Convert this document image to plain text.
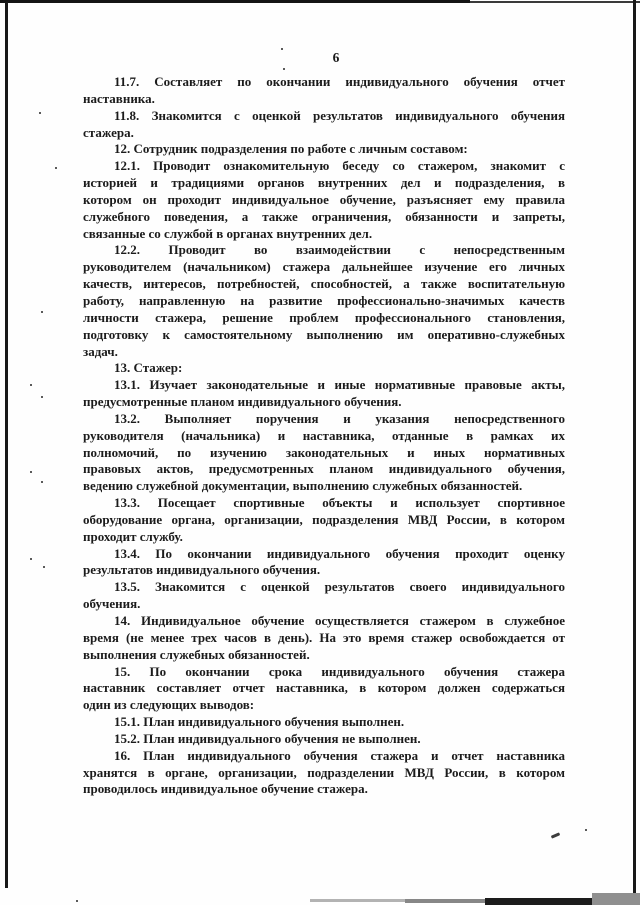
6
11.7. Составляет по окончании индивидуального обучения отчет
наставника.
11.8. Знакомится с оценкой результатов индивидуального обучения
стажера.
12. Сотрудник подразделения по работе с личным составом:
12.1. Проводит ознакомительную беседу со стажером, знакомит с
историей и традициями органов внутренних дел и подразделения, в
котором он проходит индивидуальное обучение, разъясняет ему правила
служебного поведения, а также ограничения, обязанности и запреты,
связанные со службой в органах внутренних дел.
12.2. Проводит во взаимодействии с непосредственным
руководителем (начальником) стажера дальнейшее изучение его личных
качеств, интересов, потребностей, способностей, а также воспитательную
работу, направленную на развитие профессионально-значимых качеств
личности стажера, решение проблем профессионального становления,
подготовку к самостоятельному выполнению им оперативно-служебных
задач.
13. Стажер:
13.1. Изучает законодательные и иные нормативные правовые акты,
предусмотренные планом индивидуального обучения.
13.2. Выполняет поручения и указания непосредственного
руководителя (начальника) и наставника, отданные в рамках их
полномочий, по изучению законодательных и иных нормативных
правовых актов, предусмотренных планом индивидуального обучения,
ведению служебной документации, выполнению служебных обязанностей.
13.3. Посещает спортивные объекты и использует спортивное
оборудование органа, организации, подразделения МВД России, в котором
проходит службу.
13.4. По окончании индивидуального обучения проходит оценку
результатов индивидуального обучения.
13.5. Знакомится с оценкой результатов своего индивидуального
обучения.
14. Индивидуальное обучение осуществляется стажером в служебное
время (не менее трех часов в день). На это время стажер освобождается от
выполнения служебных обязанностей.
15. По окончании срока индивидуального обучения стажера
наставник составляет отчет наставника, в котором должен содержаться
один из следующих выводов:
15.1. План индивидуального обучения выполнен.
15.2. План индивидуального обучения не выполнен.
16. План индивидуального обучения стажера и отчет наставника
хранятся в органе, организации, подразделении МВД России, в котором
проводилось индивидуальное обучение стажера.
